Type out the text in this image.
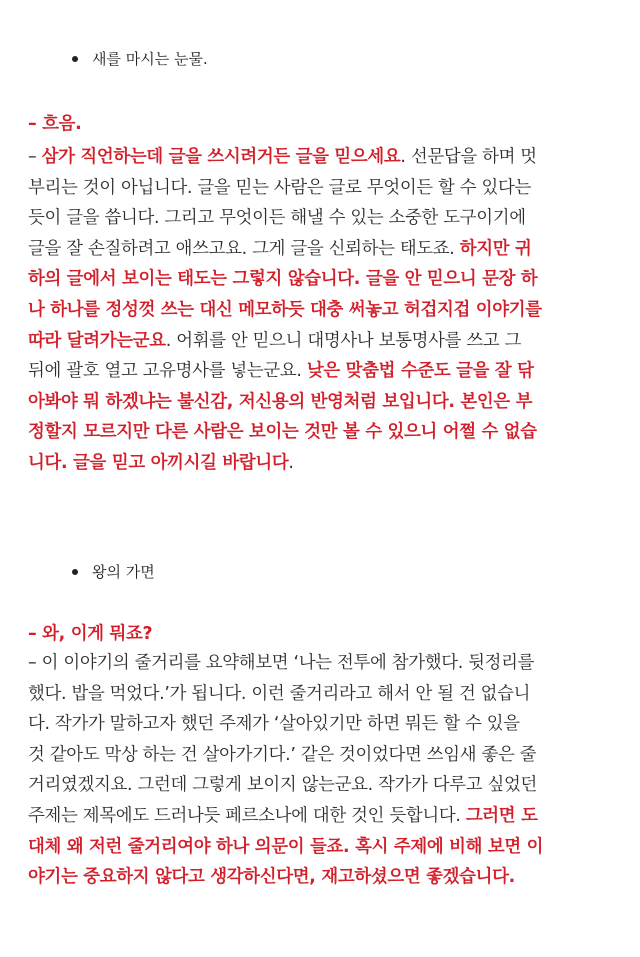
새를 마시는 눈물.
– 흐음.
– 삼가 직언하는데 글을 쓰시려거든 글을 믿으세요. 선문답을 하며 멋
부리는 것이 아닙니다. 글을 믿는 사람은 글로 무엇이든 할 수 있다는
듯이 글을 씁니다. 그리고 무엇이든 해낼 수 있는 소중한 도구이기에
글을 잘 손질하려고 애쓰고요. 그게 글을 신뢰하는 태도죠. 하지만 귀
하의 글에서 보이는 태도는 그렇지 않습니다. 글을 안 믿으니 문장 하
나 하나를 정성껏 쓰는 대신 메모하듯 대충 써놓고 허겁지겁 이야기를
따라 달려가는군요. 어휘를 안 믿으니 대명사나 보통명사를 쓰고 그
뒤에 괄호 열고 고유명사를 넣는군요. 낮은 맞춤법 수준도 글을 잘 닦
아봐야 뭐 하겠냐는 불신감, 저신용의 반영처럼 보입니다. 본인은 부
정할지 모르지만 다른 사람은 보이는 것만 볼 수 있으니 어쩔 수 없습
니다. 글을 믿고 아끼시길 바랍니다.
왕의 가면
– 와, 이게 뭐죠?
– 이 이야기의 줄거리를 요약해보면 ‘나는 전투에 참가했다. 뒷정리를
했다. 밥을 먹었다.’가 됩니다. 이런 줄거리라고 해서 안 될 건 없습니
다. 작가가 말하고자 했던 주제가 ‘살아있기만 하면 뭐든 할 수 있을
것 같아도 막상 하는 건 살아가기다.’ 같은 것이었다면 쓰임새 좋은 줄
거리였겠지요. 그런데 그렇게 보이지 않는군요. 작가가 다루고 싶었던
주제는 제목에도 드러나듯 페르소나에 대한 것인 듯합니다. 그러면 도
대체 왜 저런 줄거리여야 하나 의문이 들죠. 혹시 주제에 비해 보면 이
야기는 중요하지 않다고 생각하신다면, 재고하셨으면 좋겠습니다.
